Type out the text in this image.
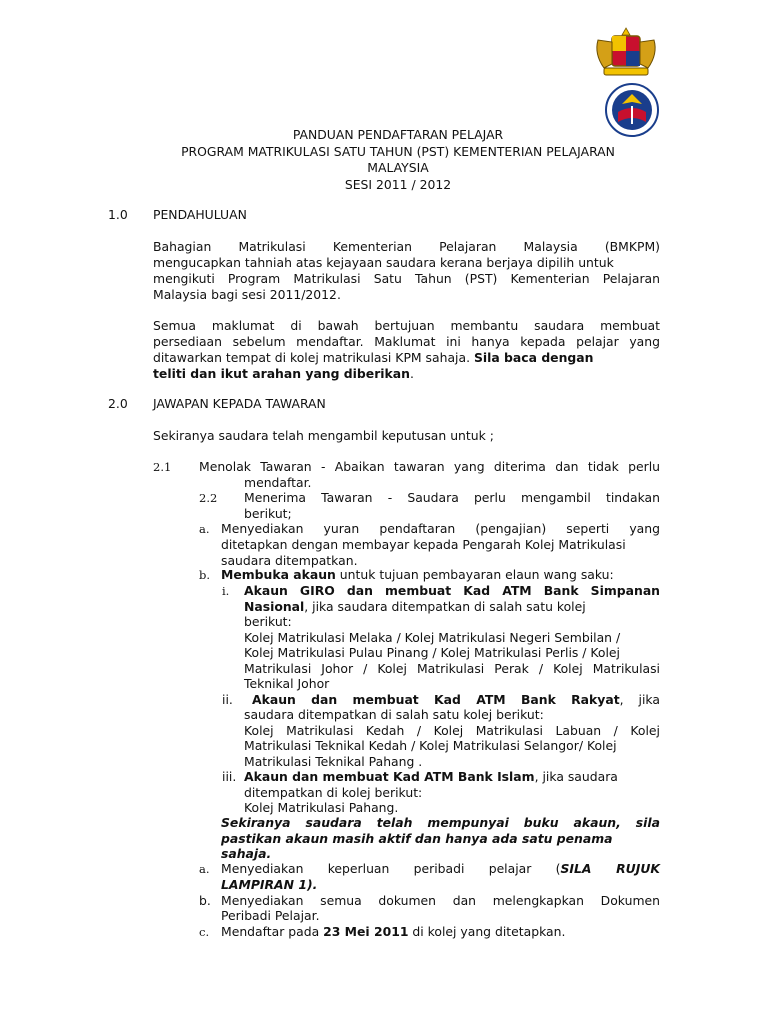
PANDUAN PENDAFTARAN PELAJAR
PROGRAM MATRIKULASI SATU TAHUN (PST) KEMENTERIAN PELAJARAN
MALAYSIA
SESI 2011 / 2012
1.0 PENDAHULUAN
Bahagian Matrikulasi Kementerian Pelajaran Malaysia (BMKPM)
mengucapkan tahniah atas kejayaan saudara kerana berjaya dipilih untuk
mengikuti Program Matrikulasi Satu Tahun (PST) Kementerian Pelajaran
Malaysia bagi sesi 2011/2012.
Semua maklumat di bawah bertujuan membantu saudara membuat
persediaan sebelum mendaftar. Maklumat ini hanya kepada pelajar yang
ditawarkan tempat di kolej matrikulasi KPM sahaja. Sila baca dengan
teliti dan ikut arahan yang diberikan.
2.0 JAWAPAN KEPADA TAWARAN
Sekiranya saudara telah mengambil keputusan untuk ;
2.1 Menolak Tawaran - Abaikan tawaran yang diterima dan tidak perlu
mendaftar.
2.2 Menerima Tawaran - Saudara perlu mengambil tindakan
berikut;
a. Menyediakan yuran pendaftaran (pengajian) seperti yang
ditetapkan dengan membayar kepada Pengarah Kolej Matrikulasi
saudara ditempatkan.
b. Membuka akaun untuk tujuan pembayaran elaun wang saku:
i. Akaun GIRO dan membuat Kad ATM Bank Simpanan
Nasional, jika saudara ditempatkan di salah satu kolej
berikut:
Kolej Matrikulasi Melaka / Kolej Matrikulasi Negeri Sembilan /
Kolej Matrikulasi Pulau Pinang / Kolej Matrikulasi Perlis / Kolej
Matrikulasi Johor / Kolej Matrikulasi Perak / Kolej Matrikulasi
Teknikal Johor
ii. Akaun dan membuat Kad ATM Bank Rakyat, jika
saudara ditempatkan di salah satu kolej berikut:
Kolej Matrikulasi Kedah / Kolej Matrikulasi Labuan / Kolej
Matrikulasi Teknikal Kedah / Kolej Matrikulasi Selangor/ Kolej
Matrikulasi Teknikal Pahang .
iii. Akaun dan membuat Kad ATM Bank Islam, jika saudara
ditempatkan di kolej berikut:
Kolej Matrikulasi Pahang.
Sekiranya saudara telah mempunyai buku akaun, sila
pastikan akaun masih aktif dan hanya ada satu penama
sahaja.
a. Menyediakan keperluan peribadi pelajar (SILA RUJUK
LAMPIRAN 1).
b. Menyediakan semua dokumen dan melengkapkan Dokumen
Peribadi Pelajar.
c. Mendaftar pada 23 Mei 2011 di kolej yang ditetapkan.
